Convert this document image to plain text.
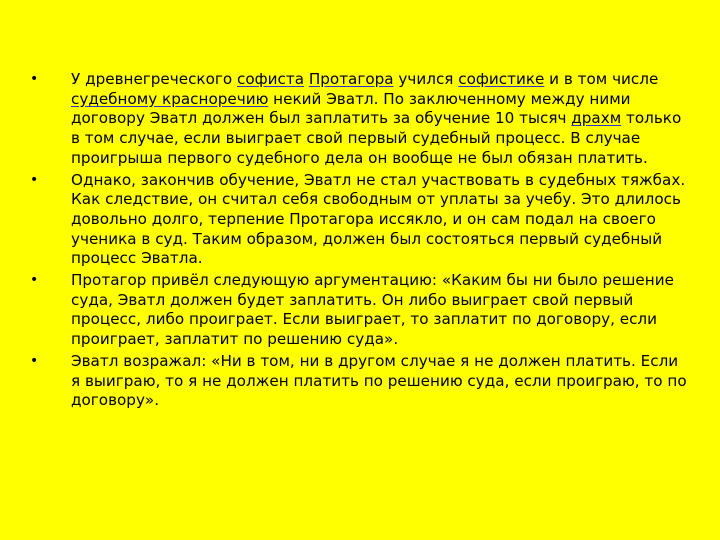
• У древнегреческого софиста Протагора учился софистике и в том числе судебному красноречию некий Эватл. По заключенному между ними договору Эватл должен был заплатить за обучение 10 тысяч драхм только в том случае, если выиграет свой первый судебный процесс. В случае проигрыша первого судебного дела он вообще не был обязан платить.
• Однако, закончив обучение, Эватл не стал участвовать в судебных тяжбах. Как следствие, он считал себя свободным от уплаты за учебу. Это длилось довольно долго, терпение Протагора иссякло, и он сам подал на своего ученика в суд. Таким образом, должен был состояться первый судебный процесс Эватла.
• Протагор привёл следующую аргументацию: «Каким бы ни было решение суда, Эватл должен будет заплатить. Он либо выиграет свой первый процесс, либо проиграет. Если выиграет, то заплатит по договору, если проиграет, заплатит по решению суда».
• Эватл возражал: «Ни в том, ни в другом случае я не должен платить. Если я выиграю, то я не должен платить по решению суда, если проиграю, то по договору».
